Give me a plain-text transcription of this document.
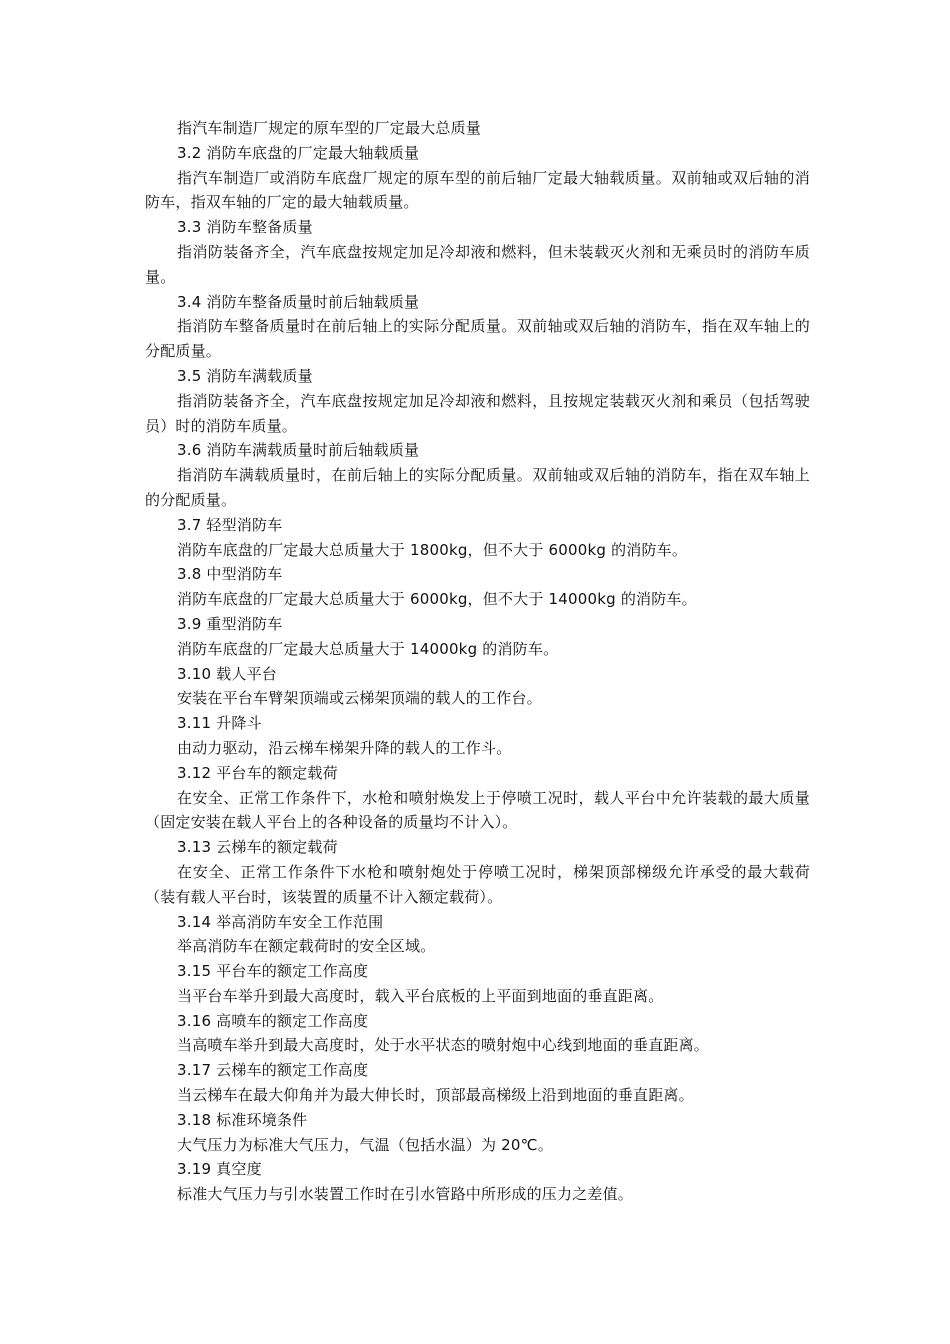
指汽车制造厂规定的原车型的厂定最大总质量

3.2 消防车底盘的厂定最大轴载质量

指汽车制造厂或消防车底盘厂规定的原车型的前后轴厂定最大轴载质量。双前轴或双后轴的消防车，指双车轴的厂定的最大轴载质量。

3.3 消防车整备质量

指消防装备齐全，汽车底盘按规定加足冷却液和燃料，但未装载灭火剂和无乘员时的消防车质量。

3.4 消防车整备质量时前后轴载质量

指消防车整备质量时在前后轴上的实际分配质量。双前轴或双后轴的消防车，指在双车轴上的分配质量。

3.5 消防车满载质量

指消防装备齐全，汽车底盘按规定加足冷却液和燃料，且按规定装载灭火剂和乘员（包括驾驶员）时的消防车质量。

3.6 消防车满载质量时前后轴载质量

指消防车满载质量时，在前后轴上的实际分配质量。双前轴或双后轴的消防车，指在双车轴上的分配质量。

3.7 轻型消防车

消防车底盘的厂定最大总质量大于 1800kg，但不大于 6000kg 的消防车。

3.8 中型消防车

消防车底盘的厂定最大总质量大于 6000kg，但不大于 14000kg 的消防车。

3.9 重型消防车

消防车底盘的厂定最大总质量大于 14000kg 的消防车。

3.10 载人平台

安装在平台车臂架顶端或云梯架顶端的载人的工作台。

3.11 升降斗

由动力驱动，沿云梯车梯架升降的载人的工作斗。

3.12 平台车的额定载荷

在安全、正常工作条件下，水枪和喷射焕发上于停喷工况时，载人平台中允许装载的最大质量（固定安装在载人平台上的各种设备的质量均不计入）。

3.13 云梯车的额定载荷

在安全、正常工作条件下水枪和喷射炮处于停喷工况时，梯架顶部梯级允许承受的最大载荷（装有载人平台时，该装置的质量不计入额定载荷）。

3.14 举高消防车安全工作范围

举高消防车在额定载荷时的安全区域。

3.15 平台车的额定工作高度

当平台车举升到最大高度时，载入平台底板的上平面到地面的垂直距离。

3.16 高喷车的额定工作高度

当高喷车举升到最大高度时，处于水平状态的喷射炮中心线到地面的垂直距离。

3.17 云梯车的额定工作高度

当云梯车在最大仰角并为最大伸长时，顶部最高梯级上沿到地面的垂直距离。

3.18 标准环境条件

大气压力为标准大气压力，气温（包括水温）为 20℃。

3.19 真空度

标准大气压力与引水装置工作时在引水管路中所形成的压力之差值。
